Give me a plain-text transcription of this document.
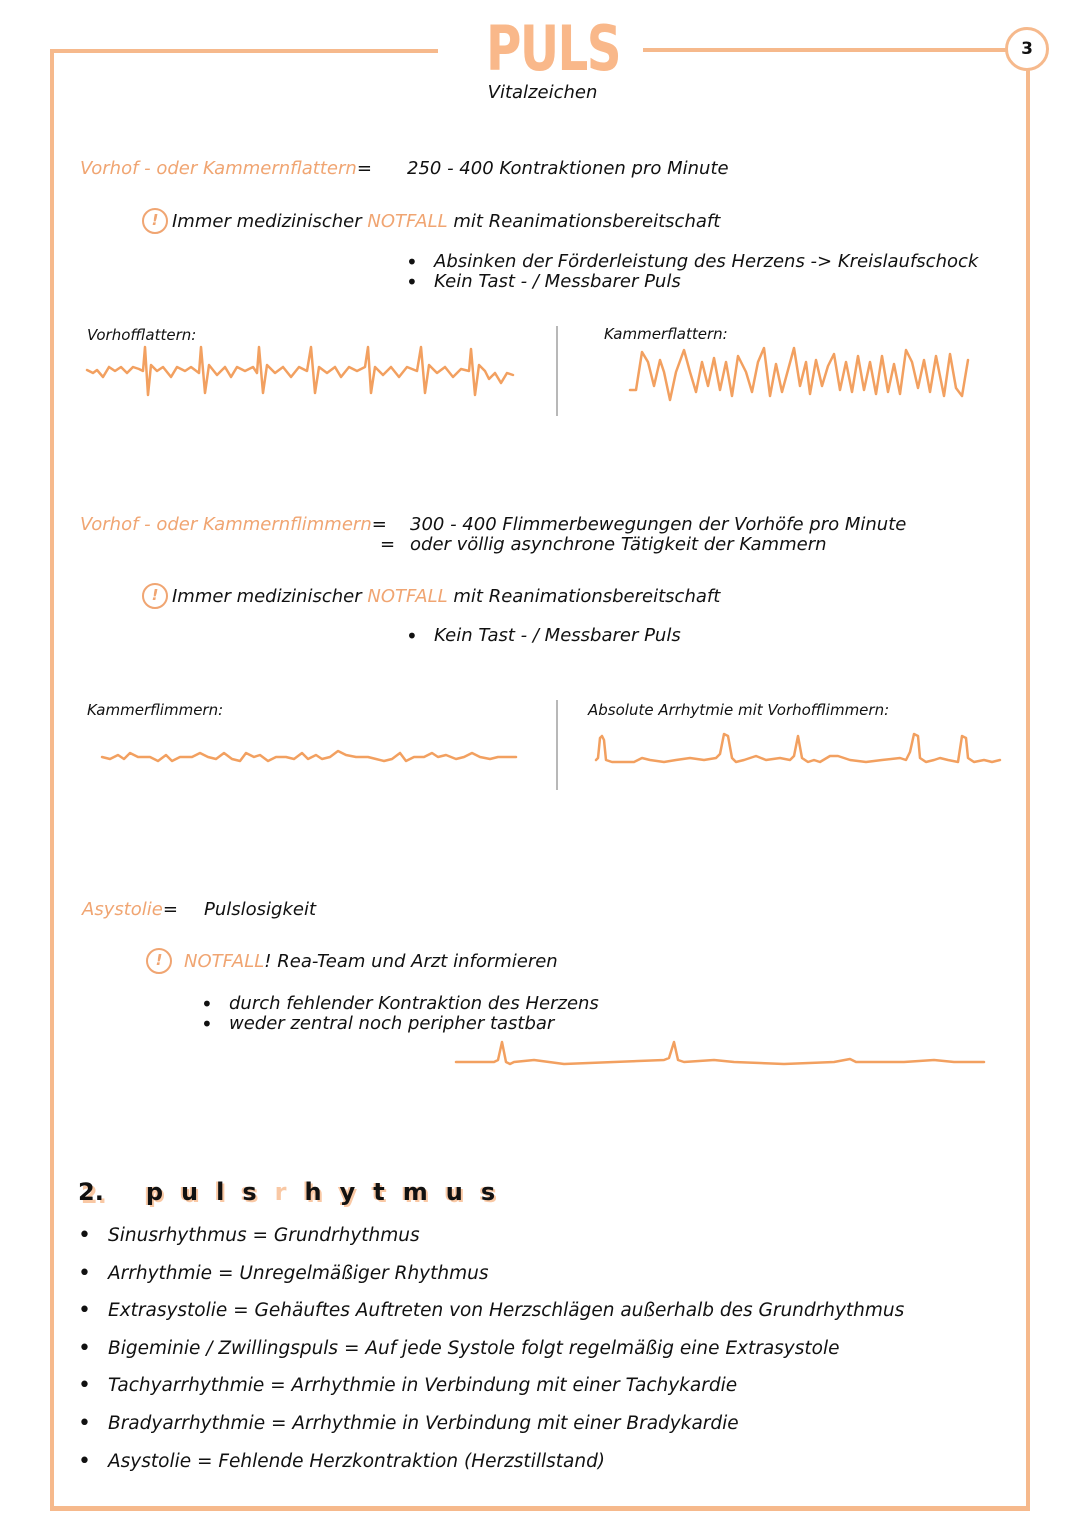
PULS
Vitalzeichen
3
Vorhof - oder Kammernflattern= 250 - 400 Kontraktionen pro Minute
! Immer medizinischer NOTFALL mit Reanimationsbereitschaft
• Absinken der Förderleistung des Herzens -> Kreislaufschock
• Kein Tast - / Messbarer Puls
Vorhofflattern:	Kammerflattern:
Vorhof - oder Kammernflimmern= 300 - 400 Flimmerbewegungen der Vorhöfe pro Minute
= oder völlig asynchrone Tätigkeit der Kammern
! Immer medizinischer NOTFALL mit Reanimationsbereitschaft
• Kein Tast - / Messbarer Puls
Kammerflimmern:	Absolute Arrhytmie mit Vorhofflimmern:
Asystolie= Pulslosigkeit
!	NOTFALL! Rea-Team und Arzt informieren
• durch fehlender Kontraktion des Herzens
• weder zentral noch peripher tastbar
2. p u l s r h y t m u s
• Sinusrhythmus = Grundrhythmus
• Arrhythmie = Unregelmäßiger Rhythmus
• Extrasystolie = Gehäuftes Auftreten von Herzschlägen außerhalb des Grundrhythmus
• Bigeminie / Zwillingspuls = Auf jede Systole folgt regelmäßig eine Extrasystole
• Tachyarrhythmie = Arrhythmie in Verbindung mit einer Tachykardie
• Bradyarrhythmie = Arrhythmie in Verbindung mit einer Bradykardie
• Asystolie = Fehlende Herzkontraktion (Herzstillstand)
